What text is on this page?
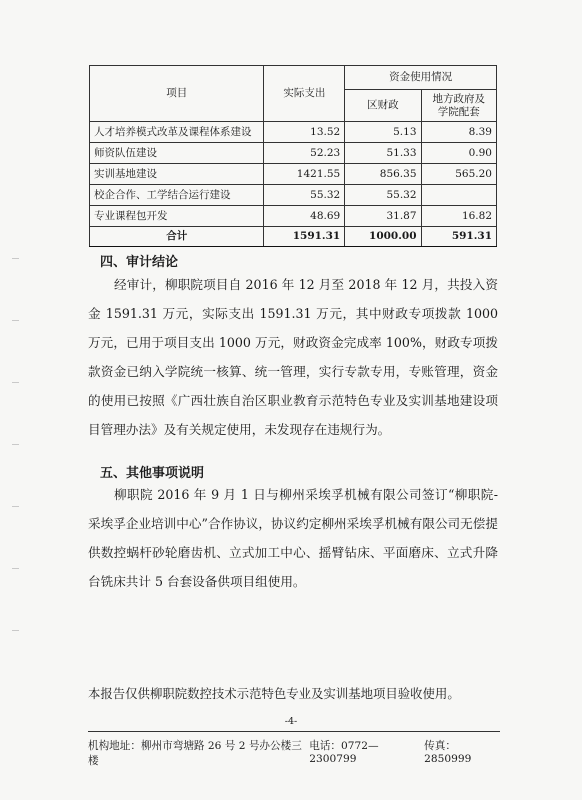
项目	实际支出	资金使用情况	
		区财政	地方政府及
学院配套

人才培养模式改革及课程体系建设	13.52	5.13	8.39
师资队伍建设	52.23	51.33	0.90
实训基地建设	1421.55	856.35	565.20
校企合作、工学结合运行建设	55.32	55.32	
专业课程包开发	48.69	31.87	16.82
合计	1591.31	1000.00	591.31
四、审计结论
经审计，柳职院项目自 2016 年 12 月至 2018 年 12 月，共投入资金 1591.31 万元，实际支出 1591.31 万元，其中财政专项拨款 1000 万元，已用于项目支出 1000 万元，财政资金完成率 100%，财政专项拨款资金已纳入学院统一核算、统一管理，实行专款专用，专账管理，资金的使用已按照《广西壮族自治区职业教育示范特色专业及实训基地建设项目管理办法》及有关规定使用，未发现存在违规行为。
五、其他事项说明
柳职院 2016 年 9 月 1 日与柳州采埃孚机械有限公司签订“柳职院-采埃孚企业培训中心”合作协议，协议约定柳州采埃孚机械有限公司无偿提供数控蜗杆砂轮磨齿机、立式加工中心、摇臂钻床、平面磨床、立式升降台铣床共计 5 台套设备供项目组使用。
本报告仅供柳职院数控技术示范特色专业及实训基地项目验收使用。
-4-
机构地址：柳州市弯塘路 26 号 2 号办公楼三楼
电话：0772—2300799
传真：2850999
